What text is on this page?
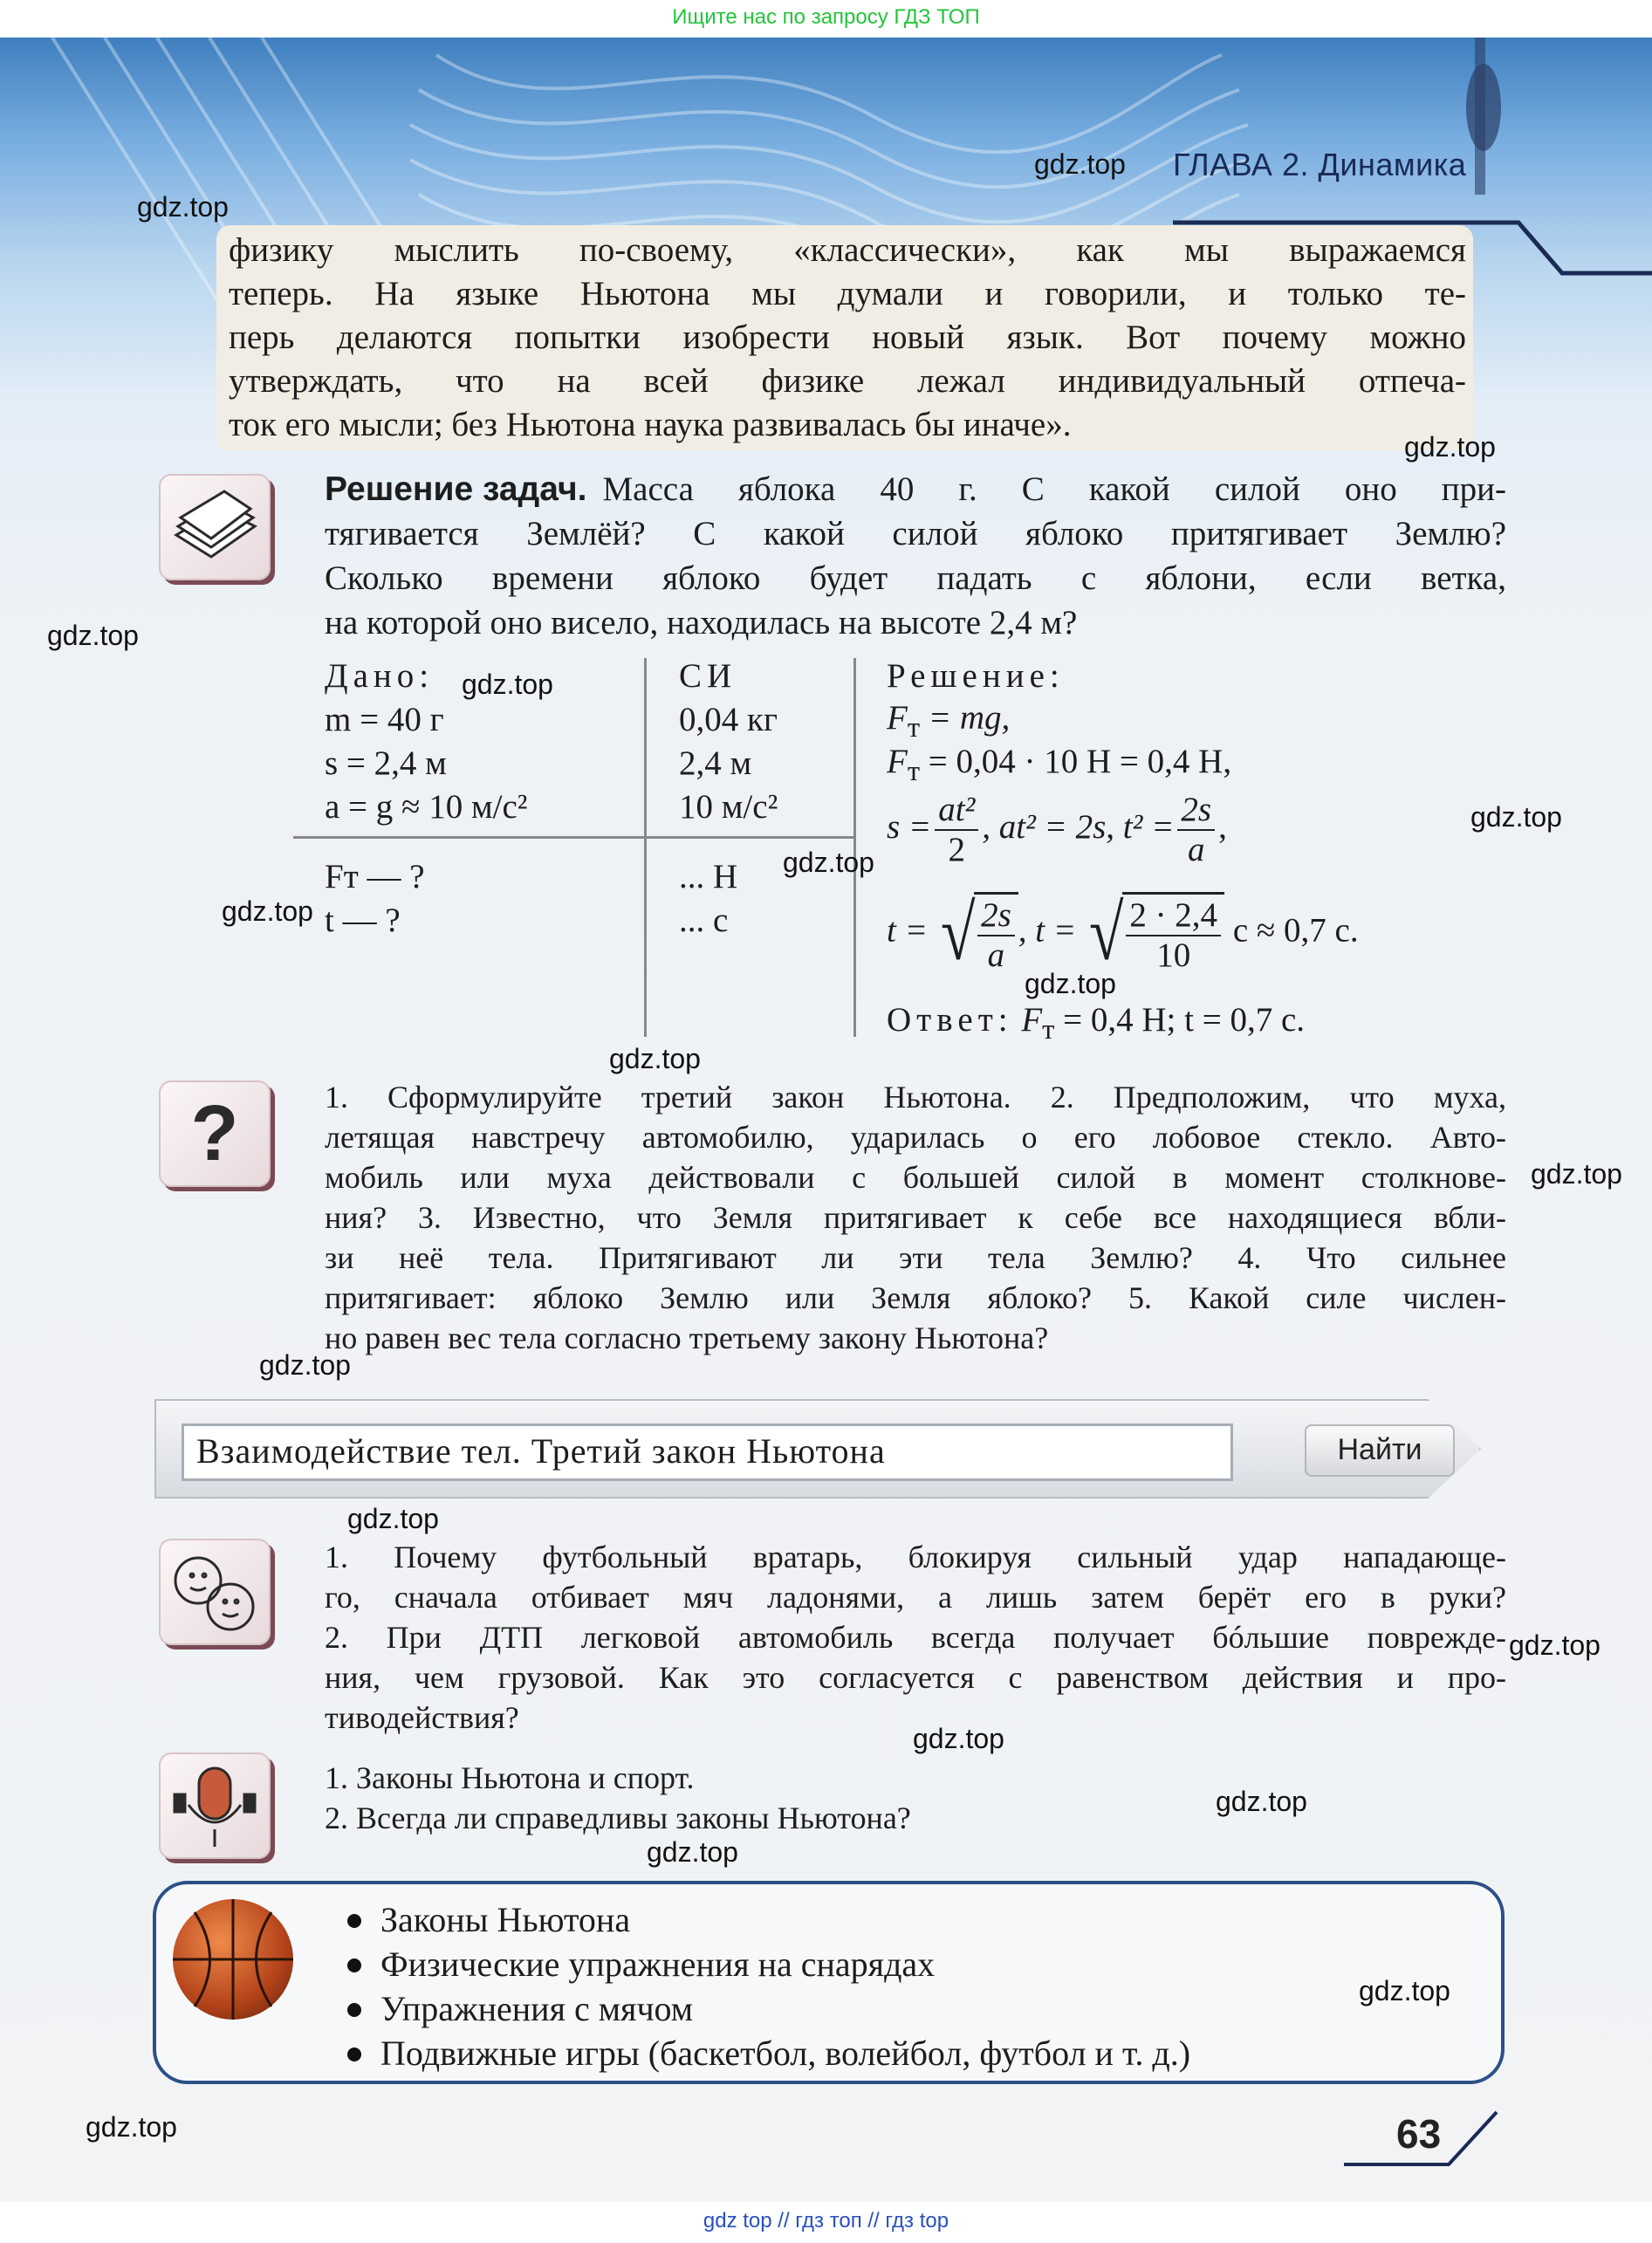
Ищите нас по запросу ГДЗ ТОП
ГЛАВА 2. Динамика
физику мыслить по-своему, «классически», как мы выражаемся
теперь. На языке Ньютона мы думали и говорили, и только те-
перь делаются попытки изобрести новый язык. Вот почему можно
утверждать, что на всей физике лежал индивидуальный отпеча-
ток его мысли; без Ньютона наука развивалась бы иначе».
Решение задач. Масса яблока 40 г. С какой силой оно при-
тягивается Землёй? С какой силой яблоко притягивает Землю?
Сколько времени яблоко будет падать с яблони, если ветка,
на которой оно висело, находилась на высоте 2,4 м?
Дано:
m = 40 г
s = 2,4 м
a = g ≈ 10 м/с²
Fт — ?
t — ?
СИ
0,04 кг
2,4 м
10 м/с²
... Н
... с
Решение:
$F_т$ = mg,
$F_т = 0,04 \cdot 10$ Н = 0,4 Н,
$s = \frac{\text{at²}}{2}$ , at² = 2s, $t^2 = \frac{2s}{a}$ ,
t = √ $\frac{2s}{a}$ , t = √ $\frac{2 \cdot 2,4}{10}$ с ≈ 0,7 с.
Ответ: $F_т = 0,4$ Н; t = 0,7 с.
?	1. Сформулируйте третий закон Ньютона. 2. Предположим, что муха,
летящая навстречу автомобилю, ударилась о его лобовое стекло. Авто-
мобиль или муха действовали с большей силой в момент столкнове-
ния? 3. Известно, что Земля притягивает к себе все находящиеся вбли-
зи неё тела. Притягивают ли эти тела Землю? 4. Что сильнее
притягивает: яблоко Землю или Земля яблоко? 5. Какой силе числен-
но равен вес тела согласно третьему закону Ньютона?
Взаимодействие тел. Третий закон Ньютона	Найти
1. Почему футбольный вратарь, блокируя сильный удар нападающе-
го, сначала отбивает мяч ладонями, а лишь затем берёт его в руки?
2. При ДТП легковой автомобиль всегда получает бóльшие поврежде-
ния, чем грузовой. Как это согласуется с равенством действия и про-
тиводействия?
1. Законы Ньютона и спорт.
2. Всегда ли справедливы законы Ньютона?
Законы Ньютона
Физические упражнения на снарядах
Упражнения с мячом
Подвижные игры (баскетбол, волейбол, футбол и т. д.)
63
gdz.top
gdz.top
gdz.top
gdz.top
gdz.top
gdz.top
gdz.top
gdz.top
gdz.top
gdz.top
gdz.top
gdz.top
gdz.top
gdz.top
gdz.top
gdz.top
gdz.top
gdz.top
gdz.top
gdz top // гдз топ // гдз top
